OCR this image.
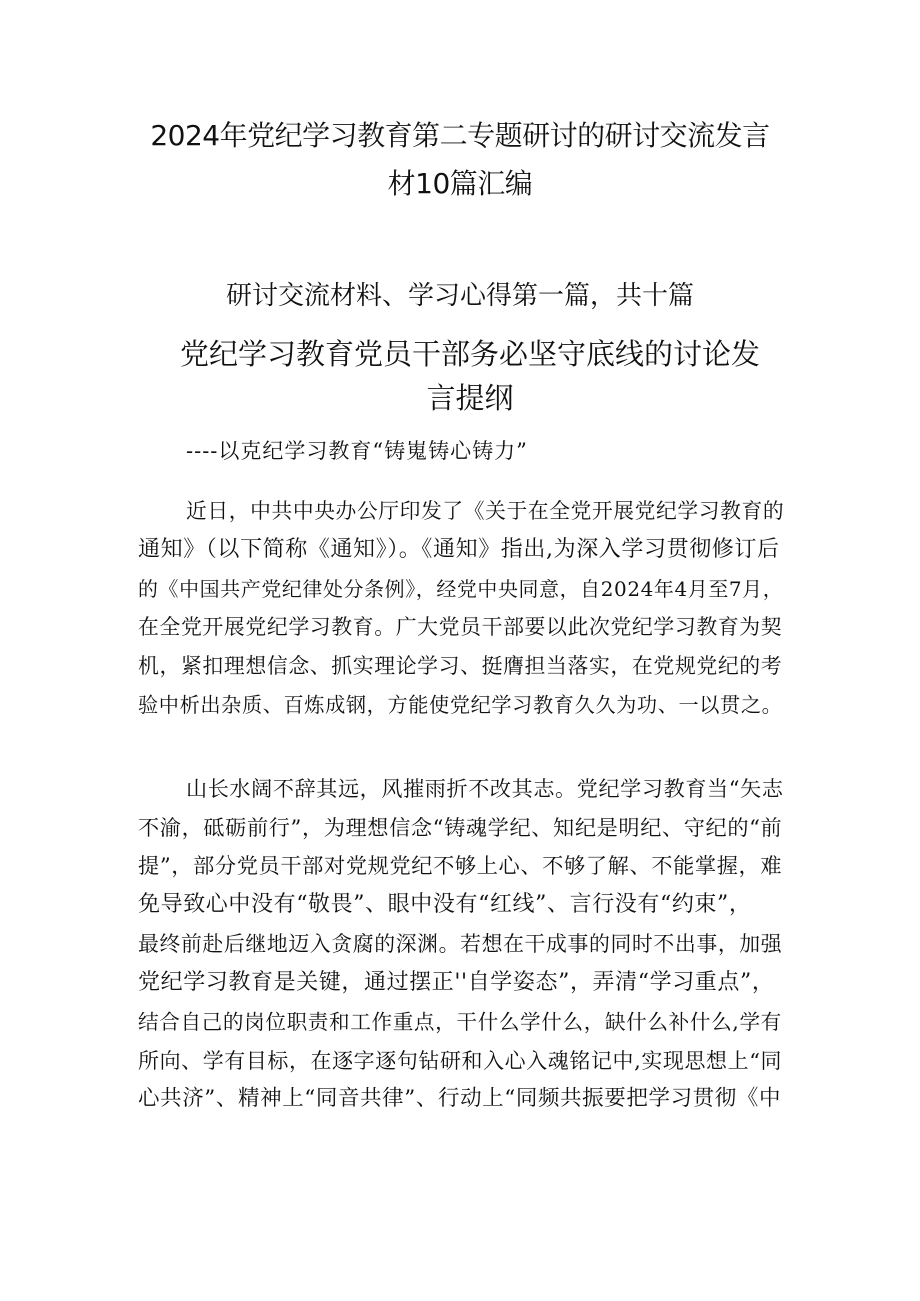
2024年党纪学习教育第二专题研讨的研讨交流发言
材10篇汇编
研讨交流材料、学习心得第一篇，共十篇
党纪学习教育党员干部务必坚守底线的讨论发
言提纲
----以克纪学习教育“铸嵬铸心铸力”
近日，中共中央办公厅印发了《关于在全党开展党纪学习教育的
通知》（以下简称《通知》）。《通知》指出,为深入学习贯彻修订后
的《中国共产党纪律处分条例》，经党中央同意，自2024年4月至7月，
在全党开展党纪学习教育。广大党员干部要以此次党纪学习教育为契
机，紧扣理想信念、抓实理论学习、挺膺担当落实，在党规党纪的考
验中析出杂质、百炼成钢，方能使党纪学习教育久久为功、一以贯之。
山长水阔不辞其远，风摧雨折不改其志。党纪学习教育当“矢志
不渝，砥砺前行”，为理想信念“铸魂学纪、知纪是明纪、守纪的“前
提”，部分党员干部对党规党纪不够上心、不够了解、不能掌握，难
免导致心中没有“敬畏”、眼中没有“红线”、言行没有“约束”，
最终前赴后继地迈入贪腐的深渊。若想在干成事的同时不出事，加强
党纪学习教育是关键，通过摆正''自学姿态”，弄清“学习重点”，
结合自己的岗位职责和工作重点，干什么学什么，缺什么补什么,学有
所向、学有目标，在逐字逐句钻研和入心入魂铭记中,实现思想上“同
心共济”、精神上“同音共律”、行动上“同频共振要把学习贯彻《中
